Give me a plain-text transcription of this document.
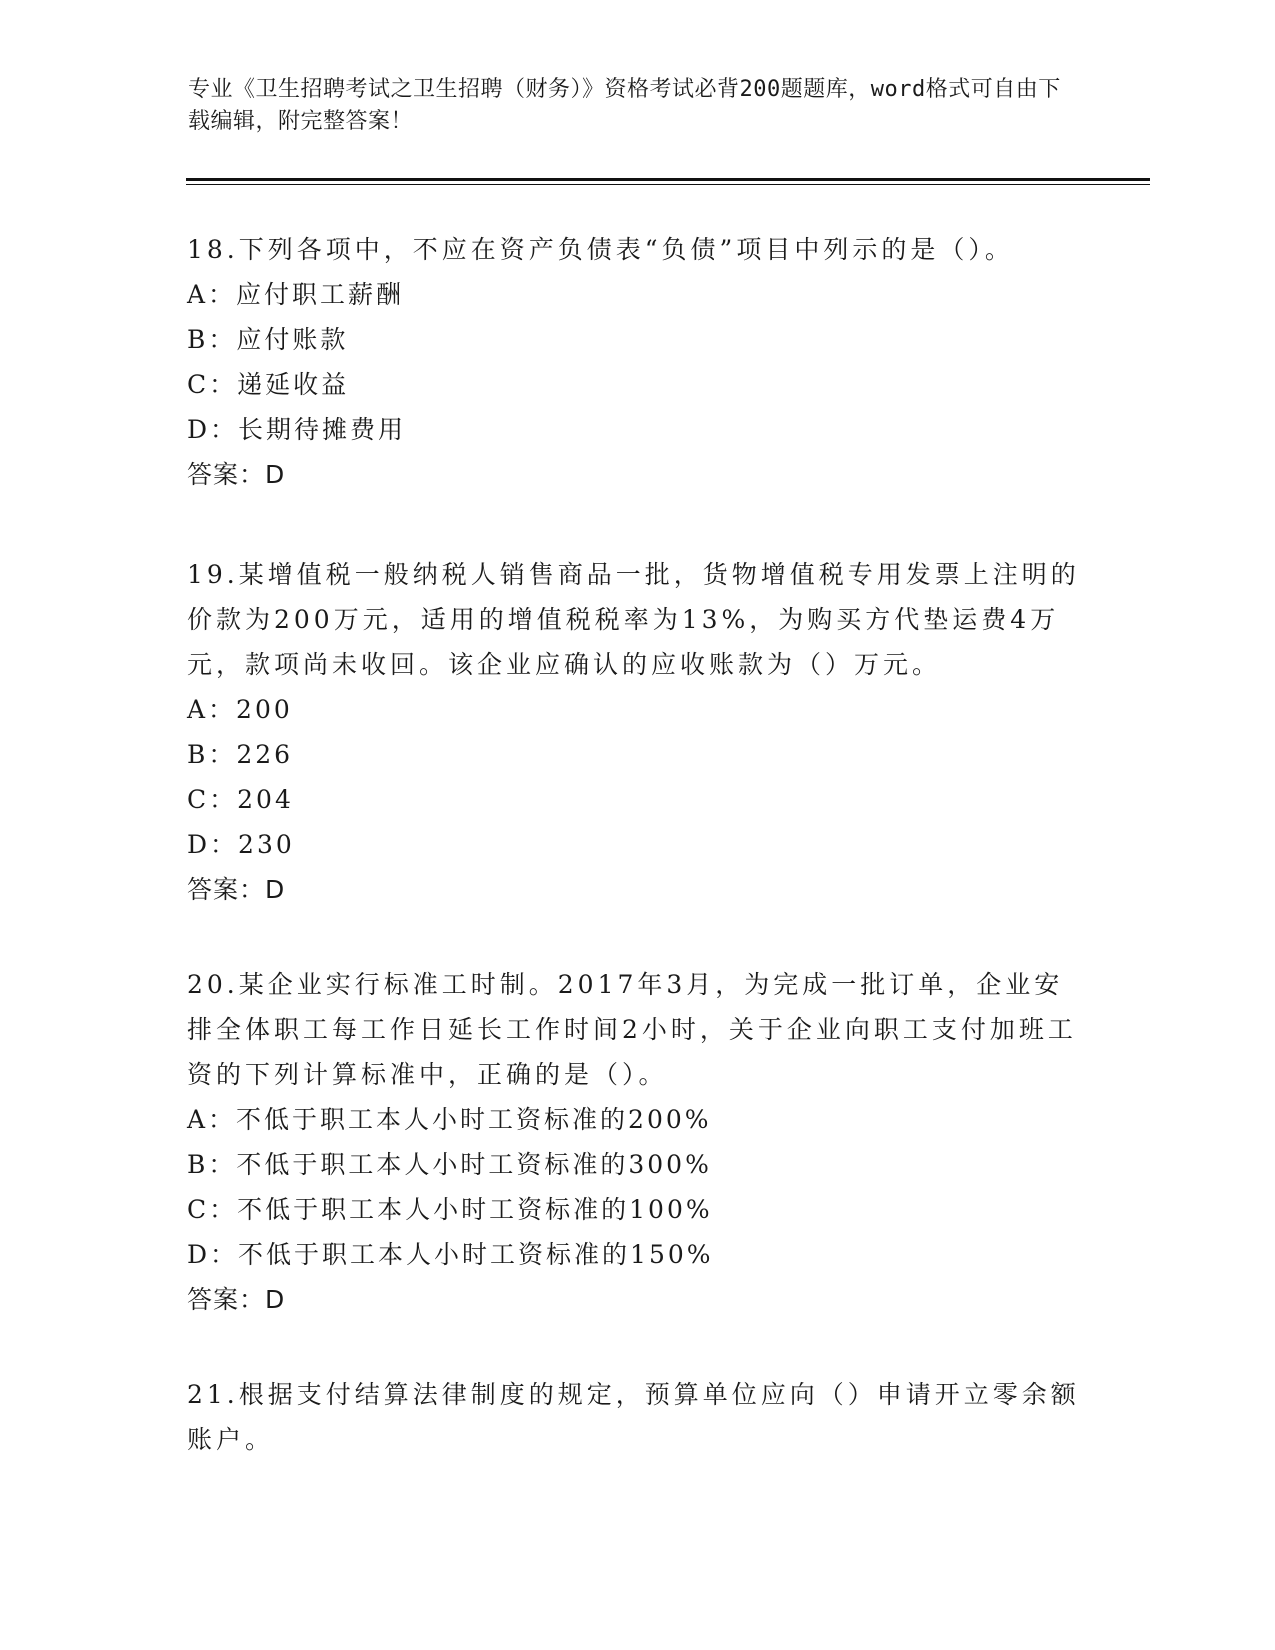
专业《卫生招聘考试之卫生招聘（财务）》资格考试必背200题题库，word格式可自由下载编辑，附完整答案！

18.下列各项中，不应在资产负债表“负债”项目中列示的是（）。

A：应付职工薪酬

B：应付账款

C：递延收益

D：长期待摊费用

答案：D

19.某增值税一般纳税人销售商品一批，货物增值税专用发票上注明的价款为200万元，适用的增值税税率为13%，为购买方代垫运费4万元，款项尚未收回。该企业应确认的应收账款为（）万元。

A：200

B：226

C：204

D：230

答案：D

20.某企业实行标准工时制。2017年3月，为完成一批订单，企业安排全体职工每工作日延长工作时间2小时，关于企业向职工支付加班工资的下列计算标准中，正确的是（）。

A：不低于职工本人小时工资标准的200%

B：不低于职工本人小时工资标准的300%

C：不低于职工本人小时工资标准的100%

D：不低于职工本人小时工资标准的150%

答案：D

21.根据支付结算法律制度的规定，预算单位应向（）申请开立零余额账户。
